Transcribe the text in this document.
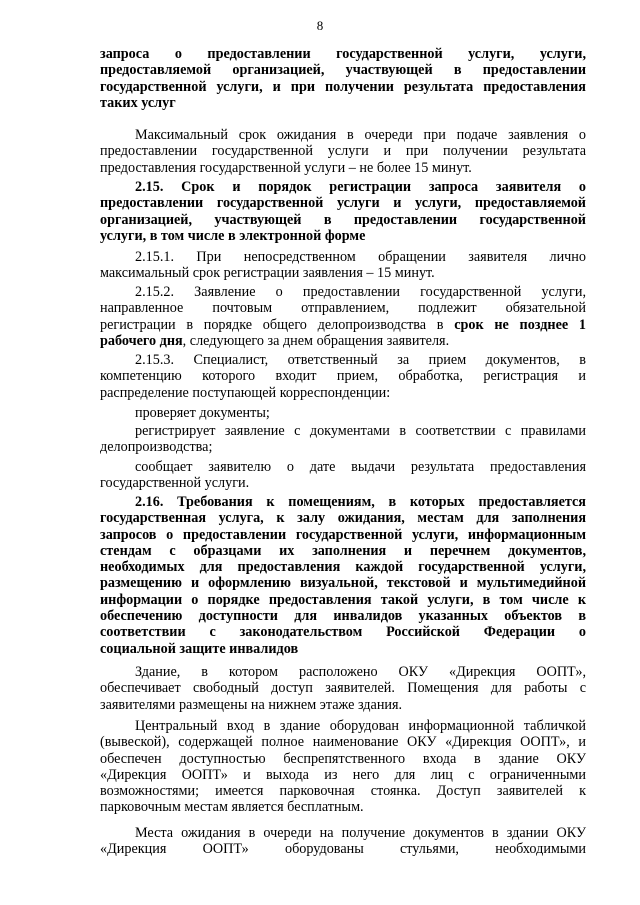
8
запроса о предоставлении государственной услуги, услуги,
предоставляемой организацией, участвующей в предоставлении
государственной услуги, и при получении результата предоставления
таких услуг
Максимальный срок ожидания в очереди при подаче заявления о
предоставлении государственной услуги и при получении результата
предоставления государственной услуги – не более 15 минут.
2.15. Срок и порядок регистрации запроса заявителя о
предоставлении государственной услуги и услуги, предоставляемой
организацией, участвующей в предоставлении государственной
услуги, в том числе в электронной форме
2.15.1. При непосредственном обращении заявителя лично
максимальный срок регистрации заявления – 15 минут.
2.15.2. Заявление о предоставлении государственной услуги,
направленное почтовым отправлением, подлежит обязательной
регистрации в порядке общего делопроизводства в срок не позднее 1
рабочего дня, следующего за днем обращения заявителя.
2.15.3. Специалист, ответственный за прием документов, в
компетенцию которого входит прием, обработка, регистрация и
распределение поступающей корреспонденции:
проверяет документы;
регистрирует заявление с документами в соответствии с правилами
делопроизводства;
сообщает заявителю о дате выдачи результата предоставления
государственной услуги.
2.16. Требования к помещениям, в которых предоставляется
государственная услуга, к залу ожидания, местам для заполнения
запросов о предоставлении государственной услуги, информационным
стендам с образцами их заполнения и перечнем документов,
необходимых для предоставления каждой государственной услуги,
размещению и оформлению визуальной, текстовой и мультимедийной
информации о порядке предоставления такой услуги, в том числе к
обеспечению доступности для инвалидов указанных объектов в
соответствии с законодательством Российской Федерации о
социальной защите инвалидов
Здание, в котором расположено ОКУ «Дирекция ООПТ»,
обеспечивает свободный доступ заявителей. Помещения для работы с
заявителями размещены на нижнем этаже здания.
Центральный вход в здание оборудован информационной табличкой
(вывеской), содержащей полное наименование ОКУ «Дирекция ООПТ», и
обеспечен доступностью беспрепятственного входа в здание ОКУ
«Дирекция ООПТ» и выхода из него для лиц с ограниченными
возможностями; имеется парковочная стоянка. Доступ заявителей к
парковочным местам является бесплатным.
Места ожидания в очереди на получение документов в здании ОКУ
«Дирекция ООПТ» оборудованы стульями, необходимыми
